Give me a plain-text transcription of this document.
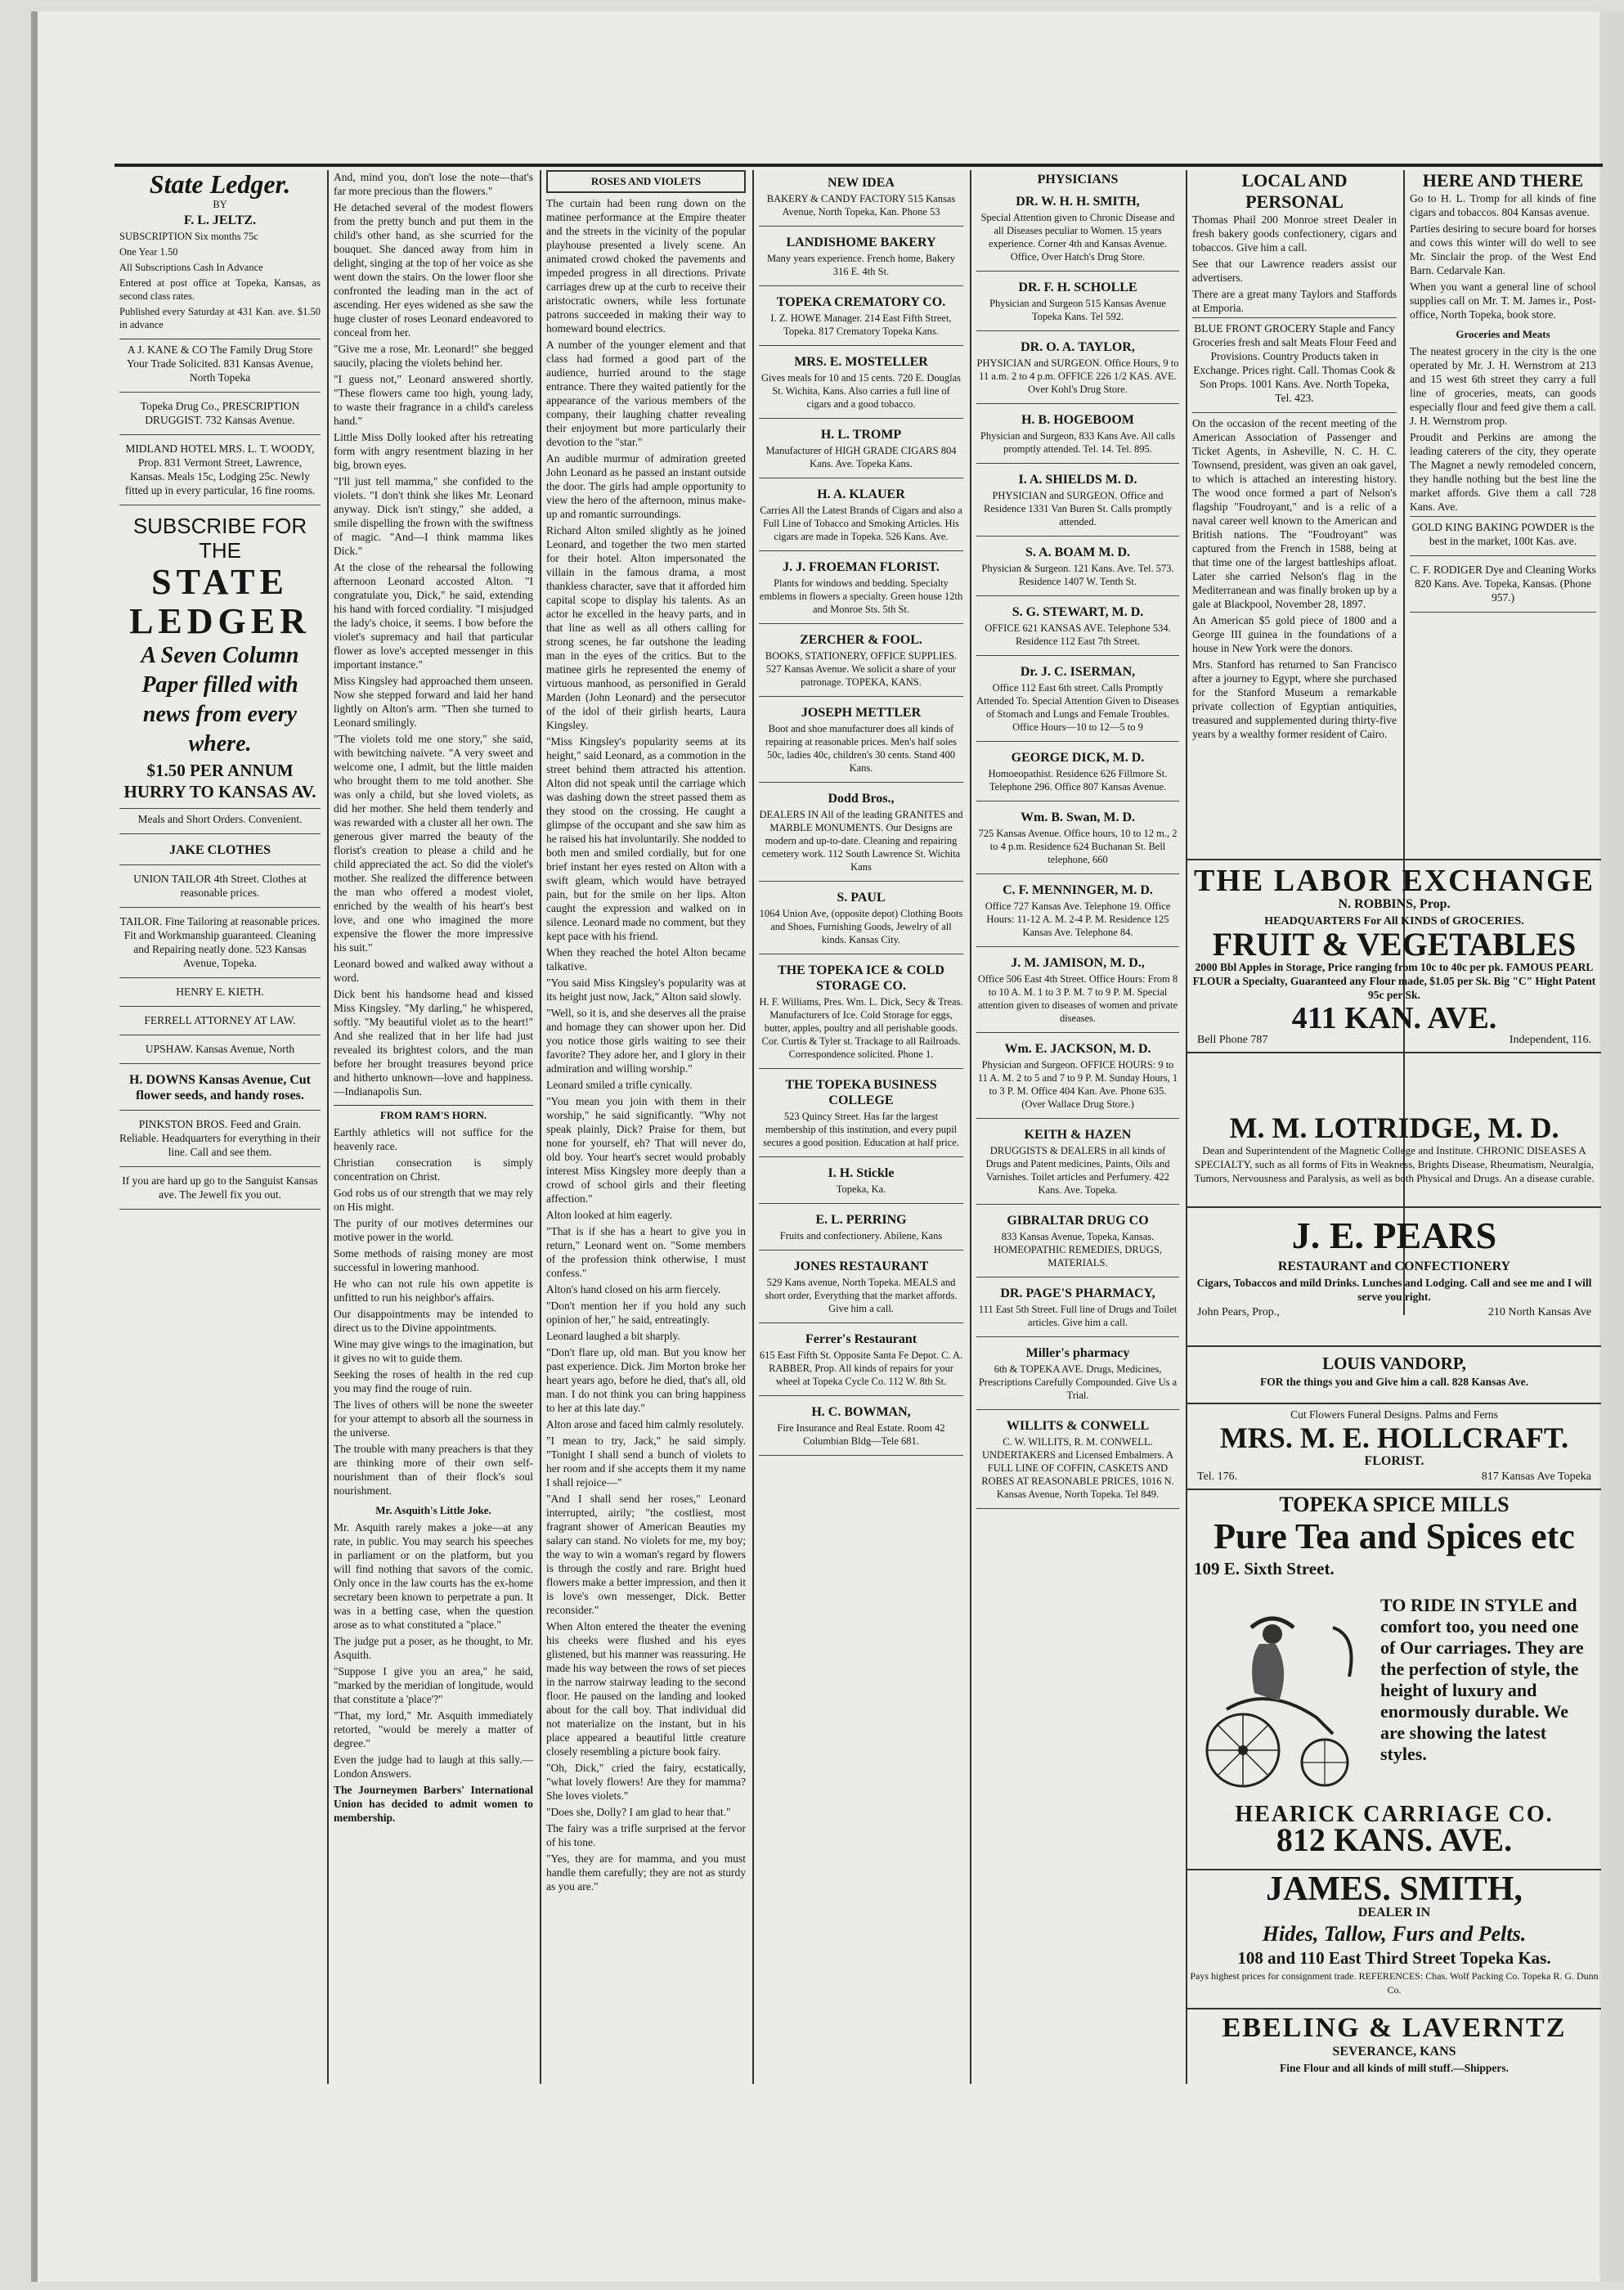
State Ledger.
BY
F. L. JELTZ.

SUBSCRIPTION Six months 75c

One Year 1.50

All Subscriptions Cash In Advance

Entered at post office at Topeka, Kansas, as second class rates.

Published every Saturday at 431 Kan. ave. $1.50 in advance

A J. KANE & CO The Family Drug Store Your Trade Solicited. 831 Kansas Avenue, North Topeka

Topeka Drug Co., PRESCRIPTION DRUGGIST. 732 Kansas Avenue.

MIDLAND HOTEL MRS. L. T. WOODY, Prop. 831 Vermont Street, Lawrence, Kansas. Meals 15c, Lodging 25c. Newly fitted up in every particular, 16 fine rooms.

SUBSCRIBE FOR THE
STATE
LEDGER
A Seven Column Paper filled with news from every where.
$1.50 PER ANNUM
HURRY TO KANSAS AV.

Meals and Short Orders. Convenient.

JAKE CLOTHES

UNION TAILOR 4th Street. Clothes at reasonable prices.

TAILOR. Fine Tailoring at reasonable prices. Fit and Workmanship guaranteed. Cleaning and Repairing neatly done. 523 Kansas Avenue, Topeka.

HENRY E. KIETH.

FERRELL ATTORNEY AT LAW.

UPSHAW. Kansas Avenue, North

H. DOWNS Kansas Avenue, Cut flower seeds, and handy roses.

PINKSTON BROS. Feed and Grain. Reliable. Headquarters for everything in their line. Call and see them.

If you are hard up go to the Sanguist Kansas ave. The Jewell fix you out.

And, mind you, don't lose the note—that's far more precious than the flowers."

He detached several of the modest flowers from the pretty bunch and put them in the child's other hand, as she scurried for the bouquet. She danced away from him in delight, singing at the top of her voice as she went down the stairs. On the lower floor she confronted the leading man in the act of ascending. Her eyes widened as she saw the huge cluster of roses Leonard endeavored to conceal from her.

"Give me a rose, Mr. Leonard!" she begged saucily, placing the violets behind her.

"I guess not," Leonard answered shortly. "These flowers came too high, young lady, to waste their fragrance in a child's careless hand."

Little Miss Dolly looked after his retreating form with angry resentment blazing in her big, brown eyes.

"I'll just tell mamma," she confided to the violets. "I don't think she likes Mr. Leonard anyway. Dick isn't stingy," she added, a smile dispelling the frown with the swiftness of magic. "And—I think mamma likes Dick."

At the close of the rehearsal the following afternoon Leonard accosted Alton. "I congratulate you, Dick," he said, extending his hand with forced cordiality. "I misjudged the lady's choice, it seems. I bow before the violet's supremacy and hail that particular flower as love's accepted messenger in this important instance."

Miss Kingsley had approached them unseen. Now she stepped forward and laid her hand lightly on Alton's arm. "Then she turned to Leonard smilingly.

"The violets told me one story," she said, with bewitching naivete. "A very sweet and welcome one, I admit, but the little maiden who brought them to me told another. She was only a child, but she loved violets, as did her mother. She held them tenderly and was rewarded with a cluster all her own. The generous giver marred the beauty of the florist's creation to please a child and he child appreciated the act. So did the violet's mother. She realized the difference between the man who offered a modest violet, enriched by the wealth of his heart's best love, and one who imagined the more expensive the flower the more impressive his suit."

Leonard bowed and walked away without a word.

Dick bent his handsome head and kissed Miss Kingsley. "My darling," he whispered, softly. "My beautiful violet as to the heart!" And she realized that in her life had just revealed its brightest colors, and the man before her brought treasures beyond price and hitherto unknown—love and happiness.—Indianapolis Sun.

FROM RAM'S HORN.

Earthly athletics will not suffice for the heavenly race.

Christian consecration is simply concentration on Christ.

God robs us of our strength that we may rely on His might.

The purity of our motives determines our motive power in the world.

Some methods of raising money are most successful in lowering manhood.

He who can not rule his own appetite is unfitted to run his neighbor's affairs.

Our disappointments may be intended to direct us to the Divine appointments.

Wine may give wings to the imagination, but it gives no wit to guide them.

Seeking the roses of health in the red cup you may find the rouge of ruin.

The lives of others will be none the sweeter for your attempt to absorb all the sourness in the universe.

The trouble with many preachers is that they are thinking more of their own self-nourishment than of their flock's soul nourishment.

Mr. Asquith's Little Joke.

Mr. Asquith rarely makes a joke—at any rate, in public. You may search his speeches in parliament or on the platform, but you will find nothing that savors of the comic. Only once in the law courts has the ex-home secretary been known to perpetrate a pun. It was in a betting case, when the question arose as to what constituted a "place."

The judge put a poser, as he thought, to Mr. Asquith.

"Suppose I give you an area," he said, "marked by the meridian of longitude, would that constitute a 'place'?"

"That, my lord," Mr. Asquith immediately retorted, "would be merely a matter of degree."

Even the judge had to laugh at this sally.—London Answers.

The Journeymen Barbers' International Union has decided to admit women to membership.

ROSES AND VIOLETS

The curtain had been rung down on the matinee performance at the Empire theater and the streets in the vicinity of the popular playhouse presented a lively scene. An animated crowd choked the pavements and impeded progress in all directions. Private carriages drew up at the curb to receive their aristocratic owners, while less fortunate patrons succeeded in making their way to homeward bound electrics.

A number of the younger element and that class had formed a good part of the audience, hurried around to the stage entrance. There they waited patiently for the appearance of the various members of the company, their laughing chatter revealing their enjoyment but more particularly their devotion to the "star."

An audible murmur of admiration greeted John Leonard as he passed an instant outside the door. The girls had ample opportunity to view the hero of the afternoon, minus make-up and romantic surroundings.

Richard Alton smiled slightly as he joined Leonard, and together the two men started for their hotel. Alton impersonated the villain in the famous drama, a most thankless character, save that it afforded him capital scope to display his talents. As an actor he excelled in the heavy parts, and in that line as well as all others calling for strong scenes, he far outshone the leading man in the eyes of the critics. But to the matinee girls he represented the enemy of virtuous manhood, as personified in Gerald Marden (John Leonard) and the persecutor of the idol of their girlish hearts, Laura Kingsley.

"Miss Kingsley's popularity seems at its height," said Leonard, as a commotion in the street behind them attracted his attention. Alton did not speak until the carriage which was dashing down the street passed them as they stood on the crossing. He caught a glimpse of the occupant and she saw him as he raised his hat involuntarily. She nodded to both men and smiled cordially, but for one brief instant her eyes rested on Alton with a swift gleam, which would have betrayed pain, but for the smile on her lips. Alton caught the expression and walked on in silence. Leonard made no comment, but they kept pace with his friend.

When they reached the hotel Alton became talkative.

"You said Miss Kingsley's popularity was at its height just now, Jack," Alton said slowly.

"Well, so it is, and she deserves all the praise and homage they can shower upon her. Did you notice those girls waiting to see their favorite? They adore her, and I glory in their admiration and willing worship."

Leonard smiled a trifle cynically.

"You mean you join with them in their worship," he said significantly. "Why not speak plainly, Dick? Praise for them, but none for yourself, eh? That will never do, old boy. Your heart's secret would probably interest Miss Kingsley more deeply than a crowd of school girls and their fleeting affection."

Alton looked at him eagerly.

"That is if she has a heart to give you in return," Leonard went on. "Some members of the profession think otherwise, I must confess."

Alton's hand closed on his arm fiercely.

"Don't mention her if you hold any such opinion of her," he said, entreatingly.

Leonard laughed a bit sharply.

"Don't flare up, old man. But you know her past experience. Dick. Jim Morton broke her heart years ago, before he died, that's all, old man. I do not think you can bring happiness to her at this late day."

Alton arose and faced him calmly resolutely.

"I mean to try, Jack," he said simply. "Tonight I shall send a bunch of violets to her room and if she accepts them it my name I shall rejoice—"

"And I shall send her roses," Leonard interrupted, airily; "the costliest, most fragrant shower of American Beauties my salary can stand. No violets for me, my boy; the way to win a woman's regard by flowers is through the costly and rare. Bright hued flowers make a better impression, and then it is love's own messenger, Dick. Better reconsider."

When Alton entered the theater the evening his cheeks were flushed and his eyes glistened, but his manner was reassuring. He made his way between the rows of set pieces in the narrow stairway leading to the second floor. He paused on the landing and looked about for the call boy. That individual did not materialize on the instant, but in his place appeared a beautiful little creature closely resembling a picture book fairy.

"Oh, Dick," cried the fairy, ecstatically, "what lovely flowers! Are they for mamma? She loves violets."

"Does she, Dolly? I am glad to hear that."

The fairy was a trifle surprised at the fervor of his tone.

"Yes, they are for mamma, and you must handle them carefully; they are not as sturdy as you are."

NEW IDEA

BAKERY & CANDY FACTORY 515 Kansas Avenue, North Topeka, Kan. Phone 53

LANDISHOME BAKERY

Many years experience. French home, Bakery 316 E. 4th St.

TOPEKA CREMATORY CO.

I. Z. HOWE Manager. 214 East Fifth Street, Topeka. 817 Crematory Topeka Kans.

MRS. E. MOSTELLER

Gives meals for 10 and 15 cents. 720 E. Douglas St. Wichita, Kans. Also carries a full line of cigars and a good tobacco.

H. L. TROMP

Manufacturer of HIGH GRADE CIGARS 804 Kans. Ave. Topeka Kans.

H. A. KLAUER

Carries All the Latest Brands of Cigars and also a Full Line of Tobacco and Smoking Articles. His cigars are made in Topeka. 526 Kans. Ave.

J. J. FROEMAN FLORIST.

Plants for windows and bedding. Specialty emblems in flowers a specialty. Green house 12th and Monroe Sts. 5th St.

ZERCHER & FOOL.

BOOKS, STATIONERY, OFFICE SUPPLIES. 527 Kansas Avenue. We solicit a share of your patronage. TOPEKA, KANS.

JOSEPH METTLER

Boot and shoe manufacturer does all kinds of repairing at reasonable prices. Men's half soles 50c, ladies 40c, children's 30 cents. Stand 400 Kans.

Dodd Bros.,

DEALERS IN All of the leading GRANITES and MARBLE MONUMENTS. Our Designs are modern and up-to-date. Cleaning and repairing cemetery work. 112 South Lawrence St. Wichita Kans

S. PAUL

1064 Union Ave, (opposite depot) Clothing Boots and Shoes, Furnishing Goods, Jewelry of all kinds. Kansas City.

THE TOPEKA ICE & COLD STORAGE CO.

H. F. Williams, Pres. Wm. L. Dick, Secy & Treas. Manufacturers of Ice. Cold Storage for eggs, butter, apples, poultry and all perishable goods. Cor. Curtis & Tyler st. Trackage to all Railroads. Correspondence solicited. Phone 1.

THE TOPEKA BUSINESS COLLEGE

523 Quincy Street. Has far the largest membership of this institution, and every pupil secures a good position. Education at half price.

I. H. Stickle

Topeka, Ka.

E. L. PERRING

Fruits and confectionery. Abilene, Kans

JONES RESTAURANT

529 Kans avenue, North Topeka. MEALS and short order, Everything that the market affords. Give him a call.

Ferrer's Restaurant

615 East Fifth St. Opposite Santa Fe Depot. C. A. RABBER, Prop. All kinds of repairs for your wheel at Topeka Cycle Co. 112 W. 8th St.

H. C. BOWMAN,

Fire Insurance and Real Estate. Room 42 Columbian Bldg—Tele 681.

PHYSICIANS
DR. W. H. H. SMITH,

Special Attention given to Chronic Disease and all Diseases peculiar to Women. 15 years experience. Corner 4th and Kansas Avenue. Office, Over Hatch's Drug Store.

DR. F. H. SCHOLLE

Physician and Surgeon 515 Kansas Avenue Topeka Kans. Tel 592.

DR. O. A. TAYLOR,

PHYSICIAN and SURGEON. Office Hours, 9 to 11 a.m. 2 to 4 p.m. OFFICE 226 1/2 KAS. AVE. Over Kohl's Drug Store.

H. B. HOGEBOOM

Physician and Surgeon, 833 Kans Ave. All calls promptly attended. Tel. 14. Tel. 895.

I. A. SHIELDS M. D.

PHYSICIAN and SURGEON. Office and Residence 1331 Van Buren St. Calls promptly attended.

S. A. BOAM M. D.

Physician & Surgeon. 121 Kans. Ave. Tel. 573. Residence 1407 W. Tenth St.

S. G. STEWART, M. D.

OFFICE 621 KANSAS AVE. Telephone 534. Residence 112 East 7th Street.

Dr. J. C. ISERMAN,

Office 112 East 6th street. Calls Promptly Attended To. Special Attention Given to Diseases of Stomach and Lungs and Female Troubles. Office Hours—10 to 12—5 to 9

GEORGE DICK, M. D.

Homoeopathist. Residence 626 Fillmore St. Telephone 296. Office 807 Kansas Avenue.

Wm. B. Swan, M. D.

725 Kansas Avenue. Office hours, 10 to 12 m., 2 to 4 p.m. Residence 624 Buchanan St. Bell telephone, 660

C. F. MENNINGER, M. D.

Office 727 Kansas Ave. Telephone 19. Office Hours: 11-12 A. M. 2-4 P. M. Residence 125 Kansas Ave. Telephone 84.

J. M. JAMISON, M. D.,

Office 506 East 4th Street. Office Hours: From 8 to 10 A. M. 1 to 3 P. M. 7 to 9 P. M. Special attention given to diseases of women and private diseases.

Wm. E. JACKSON, M. D.

Physician and Surgeon. OFFICE HOURS: 9 to 11 A. M. 2 to 5 and 7 to 9 P. M. Sunday Hours, 1 to 3 P. M. Office 404 Kan. Ave. Phone 635. (Over Wallace Drug Store.)

KEITH & HAZEN

DRUGGISTS & DEALERS in all kinds of Drugs and Patent medicines, Paints, Oils and Varnishes. Toilet articles and Perfumery. 422 Kans. Ave. Topeka.

GIBRALTAR DRUG CO

833 Kansas Avenue, Topeka, Kansas. HOMEOPATHIC REMEDIES, DRUGS, MATERIALS.

DR. PAGE'S PHARMACY,

111 East 5th Street. Full line of Drugs and Toilet articles. Give him a call.

Miller's pharmacy

6th & TOPEKA AVE. Drugs, Medicines, Prescriptions Carefully Compounded. Give Us a Trial.

WILLITS & CONWELL

C. W. WILLITS, R. M. CONWELL. UNDERTAKERS and Licensed Embalmers. A FULL LINE OF COFFIN, CASKETS AND ROBES AT REASONABLE PRICES, 1016 N. Kansas Avenue, North Topeka. Tel 849.

LOCAL AND PERSONAL

Thomas Phail 200 Monroe street Dealer in fresh bakery goods confectionery, cigars and tobaccos. Give him a call.

See that our Lawrence readers assist our advertisers.

There are a great many Taylors and Staffords at Emporia.

BLUE FRONT GROCERY Staple and Fancy Groceries fresh and salt Meats Flour Feed and Provisions. Country Products taken in Exchange. Prices right. Call. Thomas Cook & Son Props. 1001 Kans. Ave. North Topeka, Tel. 423.

On the occasion of the recent meeting of the American Association of Passenger and Ticket Agents, in Asheville, N. C. H. C. Townsend, president, was given an oak gavel, to which is attached an interesting history. The wood once formed a part of Nelson's flagship "Foudroyant," and is a relic of a naval career well known to the American and British nations. The "Foudroyant" was captured from the French in 1588, being at that time one of the largest battleships afloat. Later she carried Nelson's flag in the Mediterranean and was finally broken up by a gale at Blackpool, November 28, 1897.

An American $5 gold piece of 1800 and a George III guinea in the foundations of a house in New York were the donors.

Mrs. Stanford has returned to San Francisco after a journey to Egypt, where she purchased for the Stanford Museum a remarkable private collection of Egyptian antiquities, treasured and supplemented during thirty-five years by a wealthy former resident of Cairo.

HERE AND THERE

Go to H. L. Tromp for all kinds of fine cigars and tobaccos. 804 Kansas avenue.

Parties desiring to secure board for horses and cows this winter will do well to see Mr. Sinclair the prop. of the West End Barn. Cedarvale Kan.

When you want a general line of school supplies call on Mr. T. M. James ir., Post-office, North Topeka, book store.

Groceries and Meats

The neatest grocery in the city is the one operated by Mr. J. H. Wernstrom at 213 and 15 west 6th street they carry a full line of groceries, meats, can goods especially flour and feed give them a call. J. H. Wernstrom prop.

Proudit and Perkins are among the leading caterers of the city, they operate The Magnet a newly remodeled concern, they handle nothing but the best line the market affords. Give them a call 728 Kans. Ave.

GOLD KING BAKING POWDER is the best in the market, 100t Kas. ave.

C. F. RODIGER Dye and Cleaning Works 820 Kans. Ave. Topeka, Kansas. (Phone 957.)

THE LABOR EXCHANGE
N. ROBBINS, Prop.
HEADQUARTERS For All KINDS of GROCERIES.
FRUIT & VEGETABLES

2000 Bbl Apples in Storage, Price ranging from 10c to 40c per pk. FAMOUS PEARL FLOUR a Specialty, Guaranteed any Flour made, $1.05 per Sk. Big "C" Hight Patent 95c per Sk.

411 KAN. AVE.
Bell Phone 787	Independent, 116.
M. M. LOTRIDGE, M. D.

Dean and Superintendent of the Magnetic College and Institute. CHRONIC DISEASES A SPECIALTY, such as all forms of Fits in Weakness, Brights Disease, Rheumatism, Neuralgia, Tumors, Nervousness and Paralysis, as well as both Physical and Drugs. An a disease curable.

J. E. PEARS
RESTAURANT and CONFECTIONERY

Cigars, Tobaccos and mild Drinks. Lunches and Lodging. Call and see me and I will serve you right.

John Pears, Prop.,	210 North Kansas Ave
LOUIS VANDORP,

FOR the things you and Give him a call. 828 Kansas Ave.

Cut Flowers Funeral Designs. Palms and Ferns

MRS. M. E. HOLLCRAFT.
FLORIST.
Tel. 176.	817 Kansas Ave Topeka
TOPEKA SPICE MILLS
Pure Tea and Spices etc
109 E. Sixth Street.

TO RIDE IN STYLE and comfort too, you need one of Our carriages. They are the perfection of style, the height of luxury and enormously durable. We are showing the latest styles.

HEARICK CARRIAGE CO.
812 KANS. AVE.
JAMES. SMITH,
DEALER IN
Hides, Tallow, Furs and Pelts.
108 and 110 East Third Street Topeka Kas.

Pays highest prices for consignment trade. REFERENCES: Chas. Wolf Packing Co. Topeka R. G. Dunn Co.

EBELING & LAVERNTZ
SEVERANCE, KANS

Fine Flour and all kinds of mill stuff.—Shippers.
